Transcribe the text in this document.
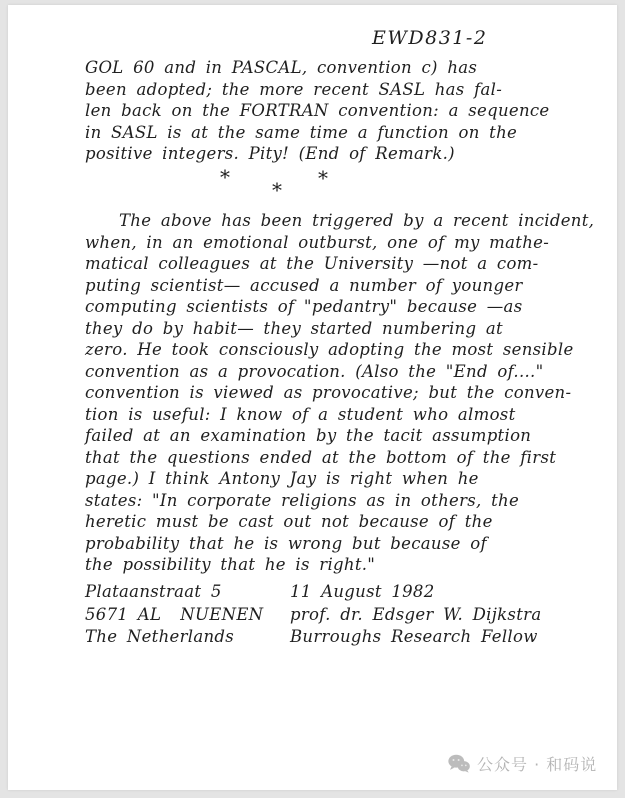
EWD831-2
GOL 60 and in PASCAL, convention c) has
been adopted; the more recent SASL has fal-
len back on the FORTRAN convention: a sequence
in SASL is at the same time a function on the
positive integers. Pity! (End of Remark.)
*
* *
The above has been triggered by a recent incident,
when, in an emotional outburst, one of my mathe-
matical colleagues at the University —not a com-
puting scientist— accused a number of younger
computing scientists of "pedantry" because —as
they do by habit— they started numbering at
zero. He took consciously adopting the most sensible
convention as a provocation. (Also the "End of...."
convention is viewed as provocative; but the conven-
tion is useful: I know of a student who almost
failed at an examination by the tacit assumption
that the questions ended at the bottom of the first
page.) I think Antony Jay is right when he
states: "In corporate religions as in others, the
heretic must be cast out not because of the
probability that he is wrong but because of
the possibility that he is right."
Plataanstraat 5
5671 AL  NUENEN
The Netherlands
11 August 1982
prof. dr. Edsger W. Dijkstra
Burroughs Research Fellow
公众号 · 和码说
